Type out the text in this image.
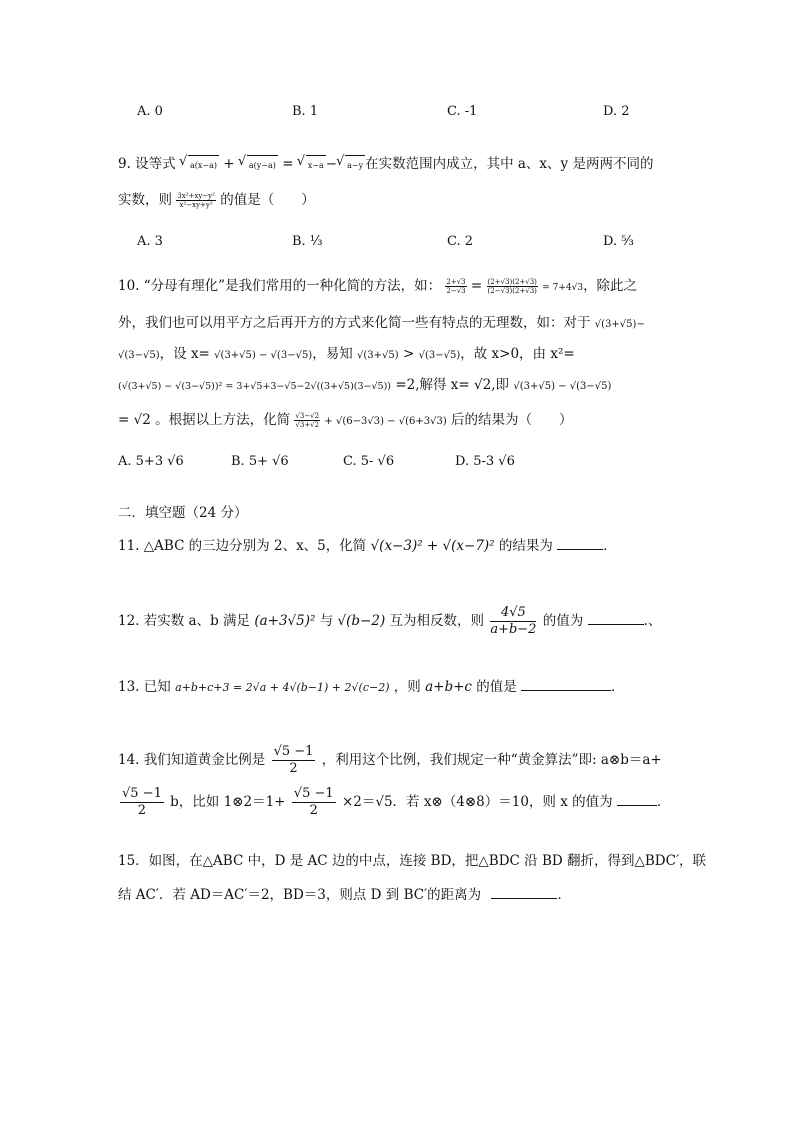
A. 0	B. 1	C. -1	D. 2
9. 设等式 √ a(x−a) + √ a(y−a) = √ x−a − √ a−y 在实数范围内成立，其中 a、x、y 是两两不同的
实数，则 $\frac{\text{3x²+xy−y²}}{\text{x²−xy+y²}}$ 的值是（　　）
A. 3	B. ⅓	C. 2	D. ⁵⁄₃
10. “分母有理化”是我们常用的一种化简的方法，如： $\frac{2+√3}{2-√3} = \frac{(2+√3)(2+√3)}{(2-√3)(2+√3)} = 7+4√3$，除此之
外，我们也可以用平方之后再开方的方式来化简一些有特点的无理数，如：对于 √(3+√5)−
√(3−√5)，设 x= √(3+√5) − √(3−√5)，易知 √(3+√5) > √(3−√5)，故 x>0，由 x²=
(√(3+√5) − √(3−√5))² = 3+√5+3−√5−2√((3+√5)(3−√5)) =2,解得 x= √2,即 √(3+√5) − √(3−√5)
= √2 。根据以上方法，化简 $\frac{√3-√2}{√3+√2} + √(6-3√3) - √(6+3√3)$ 后的结果为（　　）
A. 5+3 √6	B. 5+ √6	C. 5- √6	D. 5-3 √6
二．填空题（24 分）
11. △ABC 的三边分别为 2、x、5，化简 √(x−3)² + √(x−7)² 的结果为	．
12. 若实数 a、b 满足 (a+3√5)² 与 √(b−2) 互为相反数，则 $\frac{4√5}{a+b-2}$ 的值为	.、
13. 已知 a+b+c+3 = 2√a + 4√(b−1) + 2√(c−2) ，则 a+b+c 的值是	．
14. 我们知道黄金比例是 $\frac{√5 -1}{2}$ ，利用这个比例，我们规定一种“黄金算法”即: a⊗b＝a+
$\frac{√5 -1}{2}$ b，比如 1⊗2＝1+ $\frac{√5 -1}{2} \times 2=√5$．若 x⊗（4⊗8）＝10，则 x 的值为	．
15．如图，在△ABC 中，D 是 AC 边的中点，连接 BD，把△BDC 沿 BD 翻折，得到△BDC′，联
结 AC′．若 AD＝AC′＝2，BD＝3，则点 D 到 BC′的距离为	．
